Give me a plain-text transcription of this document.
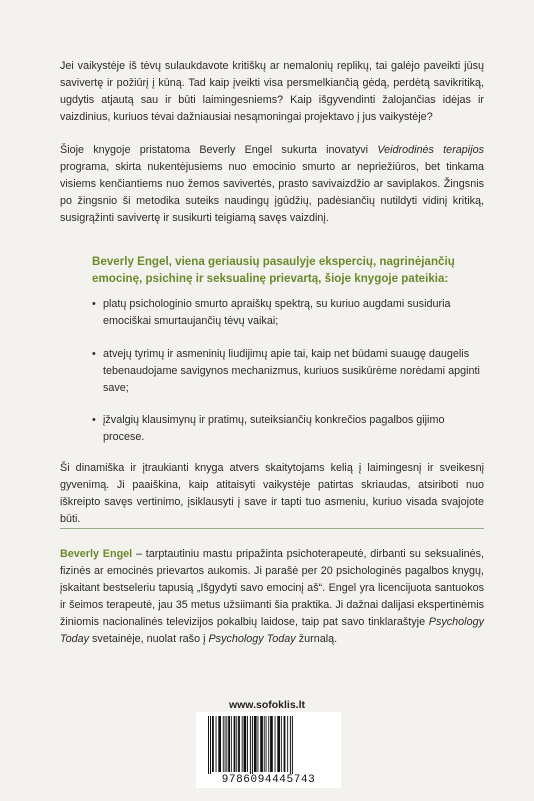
Jei vaikystėje iš tėvų sulaukdavote kritiškų ar nemalonių replikų, tai galėjo paveikti jūsų savivertę ir požiūrį į kūną. Tad kaip įveikti visa persmelkiančią gėdą, perdėtą savikritiką, ugdytis atjautą sau ir būti laimingesniems? Kaip išgyvendinti žalojančias idėjas ir vaizdinius, kuriuos tėvai dažniausiai nesąmoningai projektavo į jus vaikystėje?

Šioje knygoje pristatoma Beverly Engel sukurta inovatyvi Veidrodinės terapijos programa, skirta nukentėjusiems nuo emocinio smurto ar nepriežiūros, bet tinkama visiems kenčiantiems nuo žemos savivertės, prasto savivaizdžio ar saviplakos. Žingsnis po žingsnio ši metodika suteiks naudingų įgūdžių, padėsiančių nutildyti vidinį kritiką, susigrąžinti savivertę ir susikurti teigiamą savęs vaizdinį.

Beverly Engel, viena geriausių pasaulyje ekspercių, nagrinėjančių emocinę, psichinę ir seksualinę prievartą, šioje knygoje pateikia:

• platų psichologinio smurto apraiškų spektrą, su kuriuo augdami susiduria emociškai smurtaujančių tėvų vaikai;
• atvejų tyrimų ir asmeninių liudijimų apie tai, kaip net būdami suaugę daugelis tebenaudojame savigynos mechanizmus, kuriuos susikūrėme norėdami apginti save;
• įžvalgių klausimynų ir pratimų, suteiksiančių konkrečios pagalbos gijimo procese.

Ši dinamiška ir įtraukianti knyga atvers skaitytojams kelią į laimingesnį ir sveikesnį gyvenimą. Ji paaiškina, kaip atitaisyti vaikystėje patirtas skriaudas, atsiriboti nuo iškreipto savęs vertinimo, įsiklausyti į save ir tapti tuo asmeniu, kuriuo visada svajojote būti.

Beverly Engel – tarptautiniu mastu pripažinta psichoterapeutė, dirbanti su seksualinės, fizinės ar emocinės prievartos aukomis. Ji parašė per 20 psichologinės pagalbos knygų, įskaitant bestseleriu tapusią „Išgydyti savo emocinį aš“. Engel yra licencijuota santuokos ir šeimos terapeutė, jau 35 metus užsiimanti šia praktika. Ji dažnai dalijasi ekspertinėmis žiniomis nacionalinės televizijos pokalbių laidose, taip pat savo tinklaraštyje Psychology Today svetainėje, nuolat rašo į Psychology Today žurnalą.

www.sofoklis.lt
9786094445743
